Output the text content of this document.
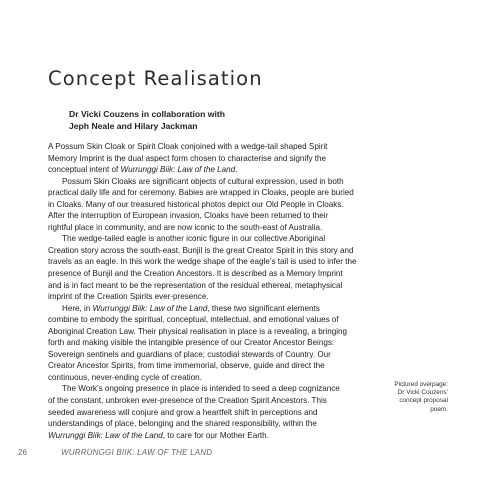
Concept Realisation
Dr Vicki Couzens in collaboration with
Jeph Neale and Hilary Jackman

A Possum Skin Cloak or Spirit Cloak conjoined with a wedge-tail shaped Spirit
Memory Imprint is the dual aspect form chosen to characterise and signify the
conceptual intent of Wurrunggi Biik: Law of the Land.

Possum Skin Cloaks are significant objects of cultural expression, used in both
practical daily life and for ceremony. Babies are wrapped in Cloaks, people are buried
in Cloaks. Many of our treasured historical photos depict our Old People in Cloaks.
After the interruption of European invasion, Cloaks have been returned to their
rightful place in community, and are now iconic to the south-east of Australia.

The wedge-tailed eagle is another iconic figure in our collective Aboriginal
Creation story across the south-east. Bunjil is the great Creator Spirit in this story and
travels as an eagle. In this work the wedge shape of the eagle’s tail is used to infer the
presence of Bunjil and the Creation Ancestors. It is described as a Memory Imprint
and is in fact meant to be the representation of the residual ethereal, metaphysical
imprint of the Creation Spirits ever-presence.

Here, in Wurrunggi Biik: Law of the Land, these two significant elements
combine to embody the spiritual, conceptual, intellectual, and emotional values of
Aboriginal Creation Law. Their physical realisation in place is a revealing, a bringing
forth and making visible the intangible presence of our Creator Ancestor Beings:
Sovereign sentinels and guardians of place; custodial stewards of Country. Our
Creator Ancestor Spirits, from time immemorial, observe, guide and direct the
continuous, never-ending cycle of creation.

The Work’s ongoing presence in place is intended to seed a deep cognizance
of the constant, unbroken ever-presence of the Creation Spirit Ancestors. This
seeded awareness will conjure and grow a heartfelt shift in perceptions and
understandings of place, belonging and the shared responsibility, within the
Wurrunggi Biik: Law of the Land, to care for our Mother Earth.

Pictured overpage:
Dr Vicki Couzens’
concept proposal
poem.
26	WURRUNGGI BIIK: LAW OF THE LAND
